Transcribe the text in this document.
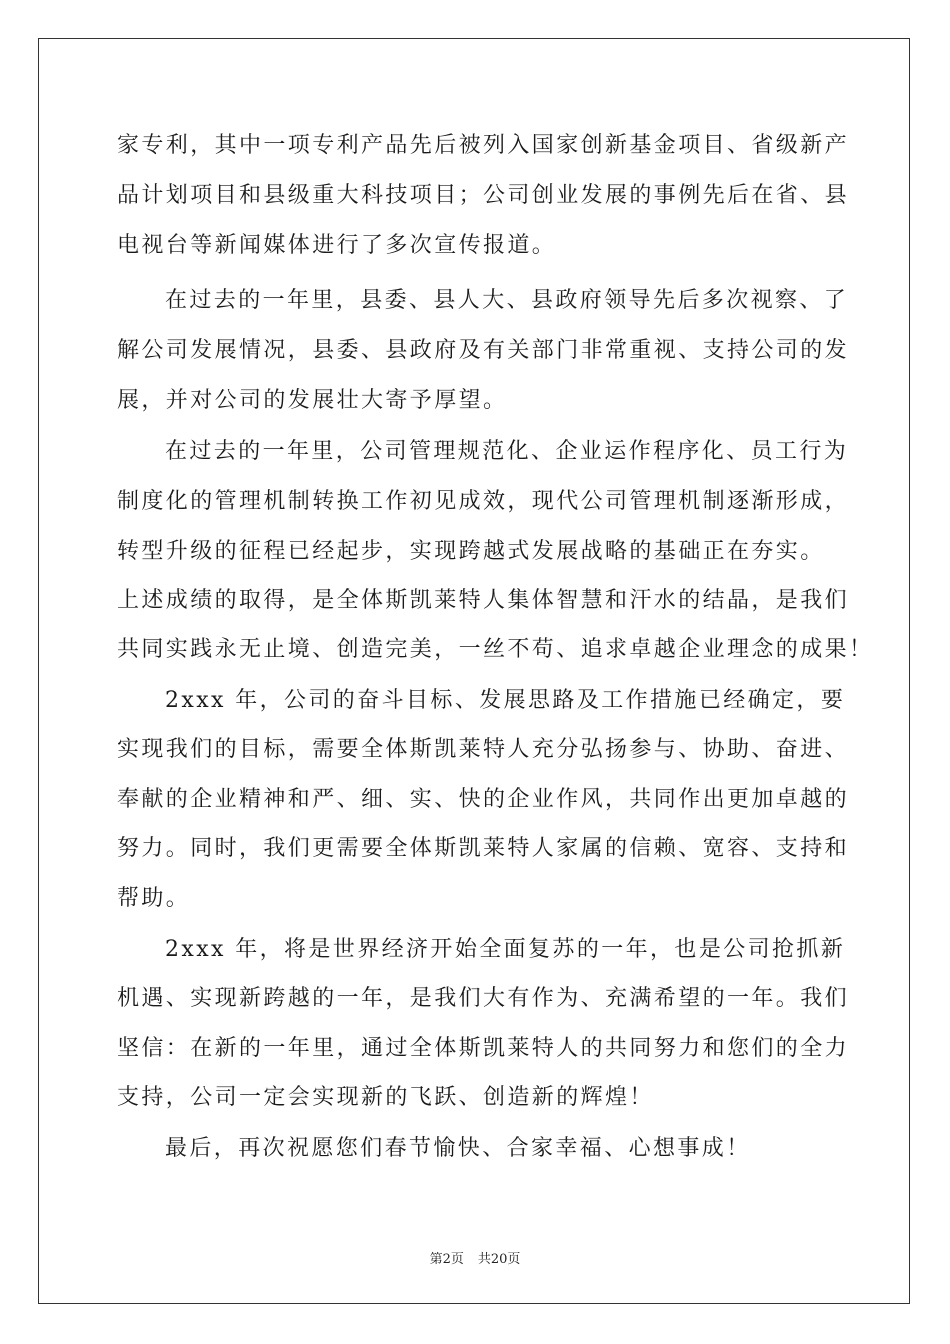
家专利，其中一项专利产品先后被列入国家创新基金项目、省级新产
品计划项目和县级重大科技项目；公司创业发展的事例先后在省、县
电视台等新闻媒体进行了多次宣传报道。
在过去的一年里，县委、县人大、县政府领导先后多次视察、了
解公司发展情况，县委、县政府及有关部门非常重视、支持公司的发
展，并对公司的发展壮大寄予厚望。
在过去的一年里，公司管理规范化、企业运作程序化、员工行为
制度化的管理机制转换工作初见成效，现代公司管理机制逐渐形成，
转型升级的征程已经起步，实现跨越式发展战略的基础正在夯实。
上述成绩的取得，是全体斯凯莱特人集体智慧和汗水的结晶，是我们
共同实践永无止境、创造完美，一丝不苟、追求卓越企业理念的成果！
2xxx 年，公司的奋斗目标、发展思路及工作措施已经确定，要
实现我们的目标，需要全体斯凯莱特人充分弘扬参与、协助、奋进、
奉献的企业精神和严、细、实、快的企业作风，共同作出更加卓越的
努力。同时，我们更需要全体斯凯莱特人家属的信赖、宽容、支持和
帮助。
2xxx 年，将是世界经济开始全面复苏的一年，也是公司抢抓新
机遇、实现新跨越的一年，是我们大有作为、充满希望的一年。我们
坚信：在新的一年里，通过全体斯凯莱特人的共同努力和您们的全力
支持，公司一定会实现新的飞跃、创造新的辉煌！
最后，再次祝愿您们春节愉快、合家幸福、心想事成！
第2页 共20页
